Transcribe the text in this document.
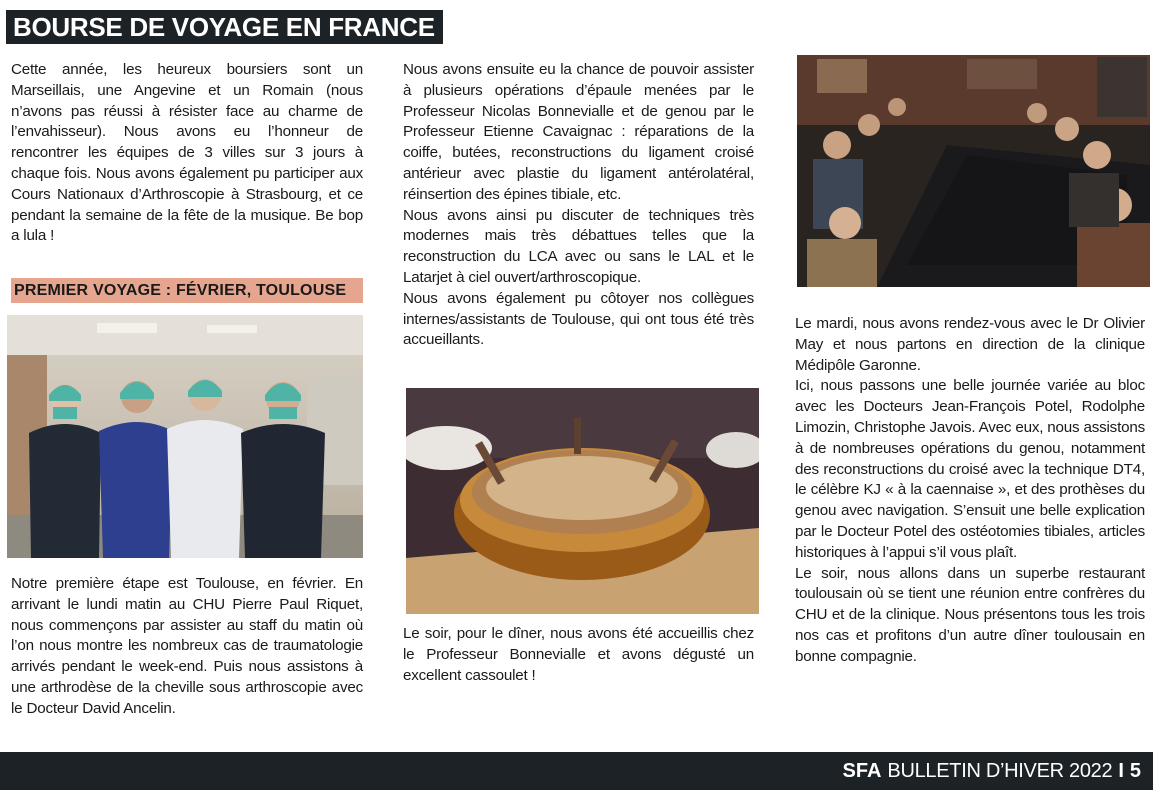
BOURSE DE VOYAGE EN FRANCE

Cette année, les heureux boursiers sont un Marseillais, une Angevine et un Romain (nous n’avons pas réussi à résister face au charme de l’envahisseur). Nous avons eu l’honneur de rencontrer les équipes de 3 villes sur 3 jours à chaque fois. Nous avons également pu participer aux Cours Nationaux d’Arthroscopie à Strasbourg, et ce pendant la semaine de la fête de la musique. Be bop a lula !

PREMIER VOYAGE : FÉVRIER, TOULOUSE

Notre première étape est Toulouse, en février. En arrivant le lundi matin au CHU Pierre Paul Riquet, nous commençons par assister au staff du matin où l’on nous montre les nombreux cas de traumatologie arrivés pendant le week-end. Puis nous assistons à une arthrodèse de la cheville sous arthroscopie avec le Docteur David Ancelin.

Nous avons ensuite eu la chance de pouvoir assister à plusieurs opérations d’épaule menées par le Professeur Nicolas Bonnevialle et de genou par le Professeur Etienne Cavaignac : réparations de la coiffe, butées, reconstructions du ligament croisé antérieur avec plastie du ligament antérolatéral, réinsertion des épines tibiale, etc.

Nous avons ainsi pu discuter de techniques très modernes mais très débattues telles que la reconstruction du LCA avec ou sans le LAL et le Latarjet à ciel ouvert/arthroscopique.

Nous avons également pu côtoyer nos collègues internes/assistants de Toulouse, qui ont tous été très accueillants.

Le soir, pour le dîner, nous avons été accueillis chez le Professeur Bonnevialle et avons dégusté un excellent cassoulet !

Le mardi, nous avons rendez-vous avec le Dr Olivier May et nous partons en direction de la clinique Médipôle Garonne.

Ici, nous passons une belle journée variée au bloc avec les Docteurs Jean-François Potel, Rodolphe Limozin, Christophe Javois. Avec eux, nous assistons à de nombreuses opérations du genou, notamment des reconstructions du croisé avec la technique DT4, le célèbre KJ « à la caennaise », et des prothèses du genou avec navigation. S’ensuit une belle explication par le Docteur Potel des ostéotomies tibiales, articles historiques à l’appui s’il vous plaît.

Le soir, nous allons dans un superbe restaurant toulousain où se tient une réunion entre confrères du CHU et de la clinique. Nous présentons tous les trois nos cas et profitons d’un autre dîner toulousain en bonne compagnie.

SFA BULLETIN D’HIVER 2022 I 5
